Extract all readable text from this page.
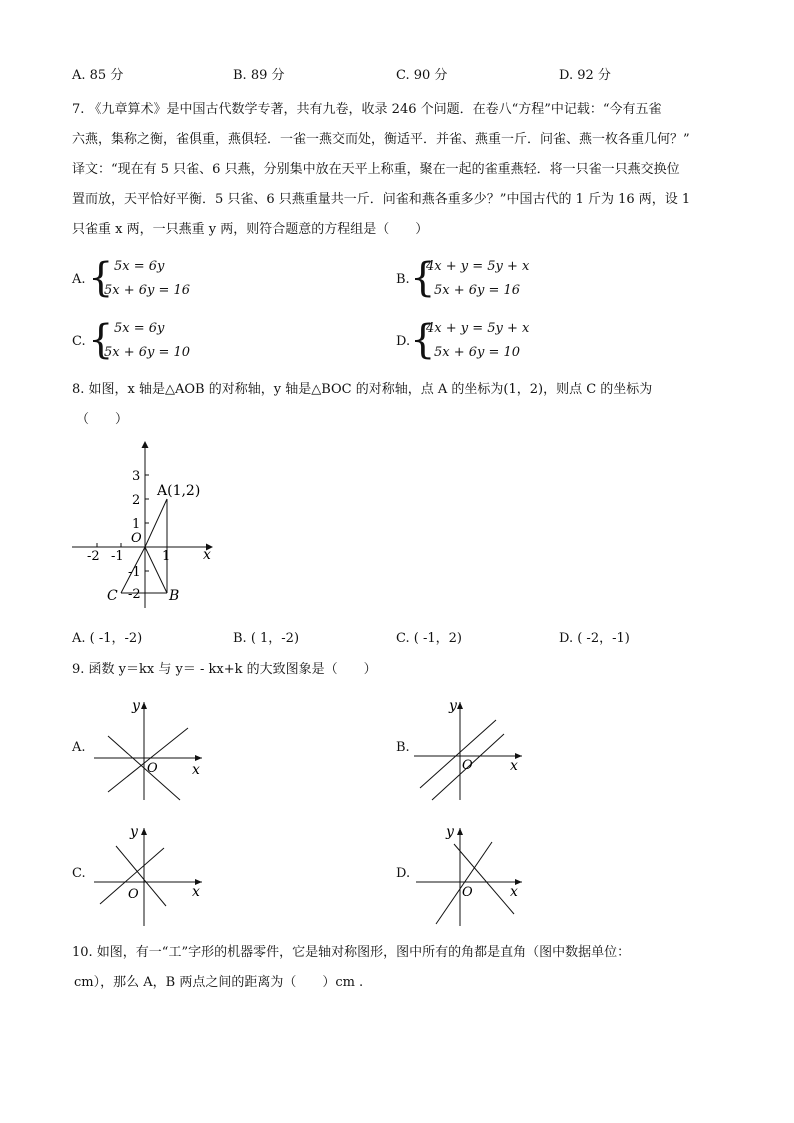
A. 85 分	B. 89 分	C. 90 分	D. 92 分
7. 《九章算术》是中国古代数学专著，共有九卷，收录 246 个问题．在卷八“方程”中记载：“今有五雀
六燕，集称之衡，雀俱重，燕俱轻．一雀一燕交而处，衡适平．并雀、燕重一斤．问雀、燕一枚各重几何？”
译文：“现在有 5 只雀、6 只燕，分别集中放在天平上称重，聚在一起的雀重燕轻．将一只雀一只燕交换位
置而放，天平恰好平衡．5 只雀、6 只燕重量共一斤．问雀和燕各重多少？”中国古代的 1 斤为 16 两，设 1
只雀重 x 两，一只燕重 y 两，则符合题意的方程组是（　　）
A. { 5x = 6y
5x + 6y = 16
B. {
4x + y = 5y + x
5x + 6y = 16
C. { 5x = 6y
5x + 6y = 10
D. {
4x + y = 5y + x
5x + 6y = 10
8. 如图，x 轴是△AOB 的对称轴，y 轴是△BOC 的对称轴，点 A 的坐标为(1，2)，则点 C 的坐标为
（　　）
3
2
1
-1
-2
-2 -1	1
O
x
A(1,2)
B
C
A. ( -1，-2)	B. ( 1，-2)	C. ( -1，2)	D. ( -2，-1)
9. 函数 y＝kx 与 y＝ - kx+k 的大致图象是（　　）
A.
y
x
O
B.
y
x
O
C.
y
x
O
D.
y
x
O
10. 如图，有一“工”字形的机器零件，它是轴对称图形，图中所有的角都是直角（图中数据单位：
cm），那么 A，B 两点之间的距离为（　　）cm .
